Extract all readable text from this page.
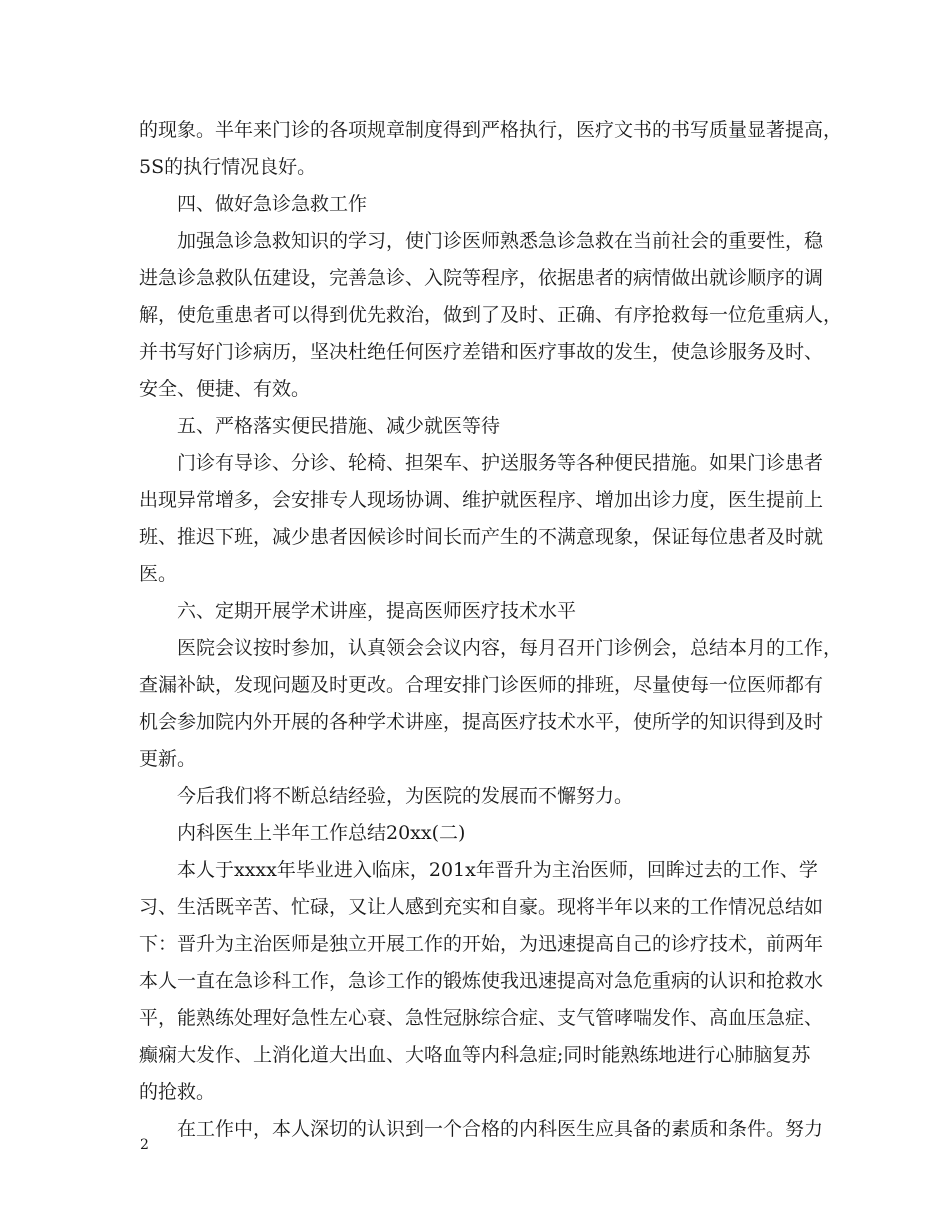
的现象。半年来门诊的各项规章制度得到严格执行，医疗文书的书写质量显著提高，
5S的执行情况良好。
四、做好急诊急救工作
加强急诊急救知识的学习，使门诊医师熟悉急诊急救在当前社会的重要性，稳
进急诊急救队伍建设，完善急诊、入院等程序，依据患者的病情做出就诊顺序的调
解，使危重患者可以得到优先救治，做到了及时、正确、有序抢救每一位危重病人，
并书写好门诊病历，坚决杜绝任何医疗差错和医疗事故的发生，使急诊服务及时、
安全、便捷、有效。
五、严格落实便民措施、减少就医等待
门诊有导诊、分诊、轮椅、担架车、护送服务等各种便民措施。如果门诊患者
出现异常增多，会安排专人现场协调、维护就医程序、增加出诊力度，医生提前上
班、推迟下班，减少患者因候诊时间长而产生的不满意现象，保证每位患者及时就
医。
六、定期开展学术讲座，提高医师医疗技术水平
医院会议按时参加，认真领会会议内容，每月召开门诊例会，总结本月的工作，
查漏补缺，发现问题及时更改。合理安排门诊医师的排班，尽量使每一位医师都有
机会参加院内外开展的各种学术讲座，提高医疗技术水平，使所学的知识得到及时
更新。
今后我们将不断总结经验，为医院的发展而不懈努力。
内科医生上半年工作总结20xx(二)
本人于xxxx年毕业进入临床，201x年晋升为主治医师，回眸过去的工作、学
习、生活既辛苦、忙碌，又让人感到充实和自豪。现将半年以来的工作情况总结如
下：晋升为主治医师是独立开展工作的开始，为迅速提高自己的诊疗技术，前两年
本人一直在急诊科工作，急诊工作的锻炼使我迅速提高对急危重病的认识和抢救水
平，能熟练处理好急性左心衰、急性冠脉综合症、支气管哮喘发作、高血压急症、
癫痫大发作、上消化道大出血、大咯血等内科急症;同时能熟练地进行心肺脑复苏
的抢救。
在工作中，本人深切的认识到一个合格的内科医生应具备的素质和条件。努力
2
